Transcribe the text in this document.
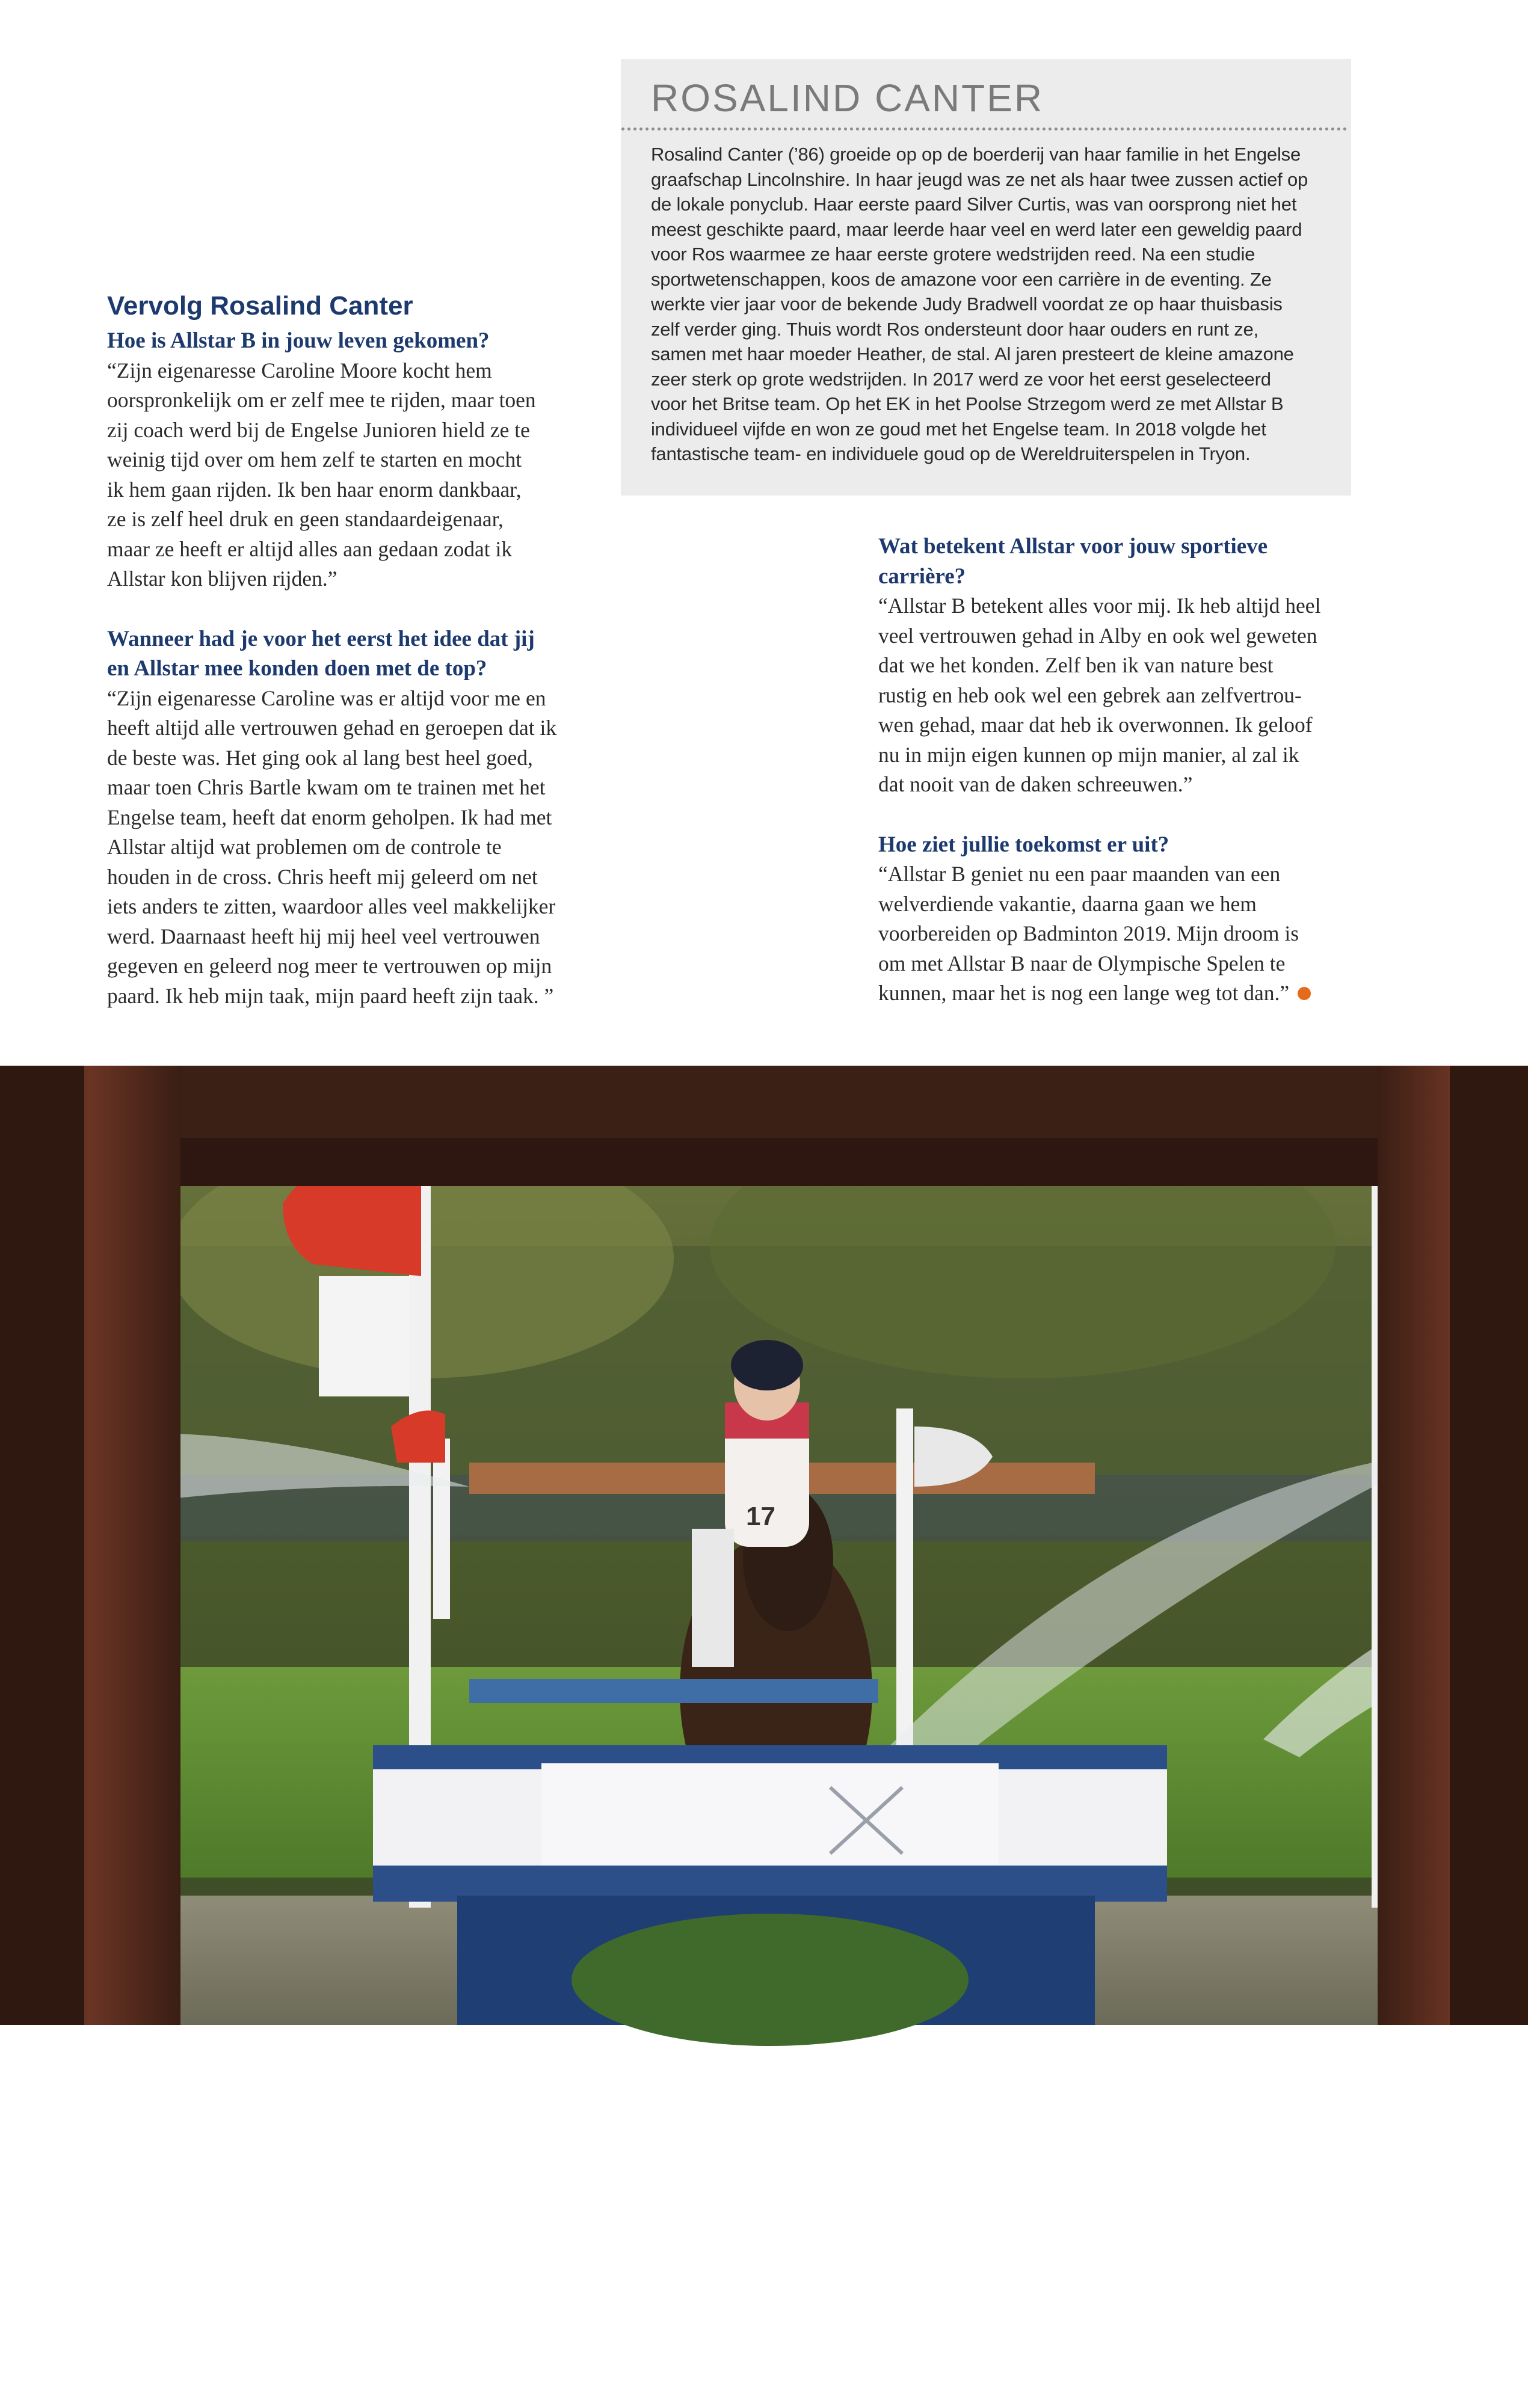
ROSALIND CANTER
Rosalind Canter (’86) groeide op op de boerderij van haar familie in het Engelse
graafschap Lincolnshire. In haar jeugd was ze net als haar twee zussen actief op
de lokale ponyclub. Haar eerste paard Silver Curtis, was van oorsprong niet het
meest geschikte paard, maar leerde haar veel en werd later een geweldig paard
voor Ros waarmee ze haar eerste grotere wedstrijden reed. Na een studie
sportwetenschappen, koos de amazone voor een carrière in de eventing. Ze
werkte vier jaar voor de bekende Judy Bradwell voordat ze op haar thuisbasis
zelf verder ging. Thuis wordt Ros ondersteunt door haar ouders en runt ze,
samen met haar moeder Heather, de stal. Al jaren presteert de kleine amazone
zeer sterk op grote wedstrijden. In 2017 werd ze voor het eerst geselecteerd
voor het Britse team. Op het EK in het Poolse Strzegom werd ze met Allstar B
individueel vijfde en won ze goud met het Engelse team. In 2018 volgde het
fantastische team- en individuele goud op de Wereldruiterspelen in Tryon.
Vervolg Rosalind Canter
Hoe is Allstar B in jouw leven gekomen?
“Zijn eigenaresse Caroline Moore kocht hem
oorspronkelijk om er zelf mee te rijden, maar toen
zij coach werd bij de Engelse Junioren hield ze te
weinig tijd over om hem zelf te starten en mocht
ik hem gaan rijden. Ik ben haar enorm dankbaar,
ze is zelf heel druk en geen standaardeigenaar,
maar ze heeft er altijd alles aan gedaan zodat ik
Allstar kon blijven rijden.”
Wanneer had je voor het eerst het idee dat jij
en Allstar mee konden doen met de top?
“Zijn eigenaresse Caroline was er altijd voor me en
heeft altijd alle vertrouwen gehad en geroepen dat ik
de beste was. Het ging ook al lang best heel goed,
maar toen Chris Bartle kwam om te trainen met het
Engelse team, heeft dat enorm geholpen. Ik had met
Allstar altijd wat problemen om de controle te
houden in de cross. Chris heeft mij geleerd om net
iets anders te zitten, waardoor alles veel makkelijker
werd. Daarnaast heeft hij mij heel veel vertrouwen
gegeven en geleerd nog meer te vertrouwen op mijn
paard. Ik heb mijn taak, mijn paard heeft zijn taak. ”
Wat betekent Allstar voor jouw sportieve
carrière?
“Allstar B betekent alles voor mij. Ik heb altijd heel
veel vertrouwen gehad in Alby en ook wel geweten
dat we het konden. Zelf ben ik van nature best
rustig en heb ook wel een gebrek aan zelfvertrou-
wen gehad, maar dat heb ik overwonnen. Ik geloof
nu in mijn eigen kunnen op mijn manier, al zal ik
dat nooit van de daken schreeuwen.”
Hoe ziet jullie toekomst er uit?
“Allstar B geniet nu een paar maanden van een
welverdiende vakantie, daarna gaan we hem
voorbereiden op Badminton 2019. Mijn droom is
om met Allstar B naar de Olympische Spelen te
kunnen, maar het is nog een lange weg tot dan.”
17
“Mijn droom is om met
Allstar B naar de
Olympische Spelen te
kunnen.”
